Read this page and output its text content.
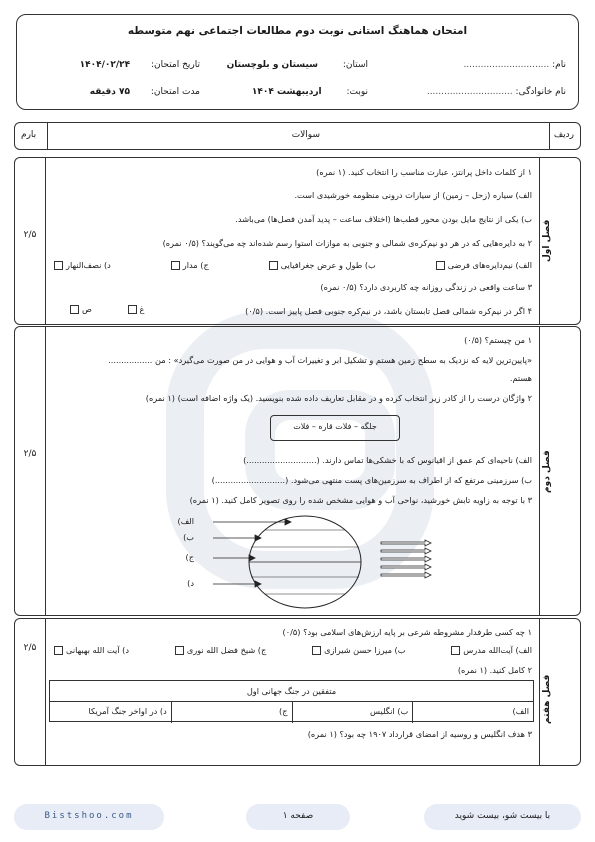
امتحان هماهنگ استانی نوبت دوم مطالعات اجتماعی نهم متوسطه
نام: ..............................
نام خانوادگی: ..............................
استان: سیستان و بلوچستان
نوبت: اردیبهشت ۱۴۰۴
تاریخ امتحان: ۱۴۰۴/۰۲/۲۴
مدت امتحان: ۷۵ دقیقه
ردیف
سوالات
بارم
فصل اول
۲/۵
۱ از کلمات داخل پرانتز، عبارت مناسب را انتخاب کنید. (۱ نمره)
الف) سیاره (زحل – زمین) از سیارات درونی منظومه خورشیدی است.
ب) یکی از نتایج مایل بودن محور قطب‌ها (اختلاف ساعت – پدید آمدن فصل‌ها) می‌باشد.
۲ به دایره‌هایی که در هر دو نیم‌کره‌ی شمالی و جنوبی به موازات استوا رسم شده‌اند چه می‌گویند؟ (۰/۵ نمره)
الف) نیم‌دایره‌های فرضی
ب) طول و عرض جغرافیایی
ج) مدار
د) نصف‌النهار
۳ ساعت واقعی در زندگی روزانه چه کاربردی دارد؟ (۰/۵ نمره)
۴ اگر در نیم‌کره شمالی فصل تابستان باشد، در نیم‌کره جنوبی فصل پاییز است. (۰/۵)
غ ص
فصل دوم
۲/۵
۱ من چیستم؟ (۰/۵)
«پایین‌ترین لایه که نزدیک به سطح زمین هستم و تشکیل ابر و تغییرات آب و هوایی در من صورت می‌گیرد» : من .................
هستم.
۲ واژگان درست را از کادر زیر انتخاب کرده و در مقابل تعاریف داده شده بنویسید. (یک واژه اضافه است) (۱ نمره)
جلگه – فلات قاره – فلات
الف) ناحیه‌ای کم عمق از اقیانوس که با خشکی‌ها تماس دارند. (...........................)
ب) سرزمینی مرتفع که از اطراف به سرزمین‌های پست منتهی می‌شود. (...........................)
۳ با توجه به زاویه تابش خورشید، نواحی آب و هوایی مشخص شده را روی تصویر کامل کنید. (۱ نمره)
الف)
ب)
ج)
د)
فصل هفتم
۲/۵
۱ چه کسی طرفدار مشروطه شرعی بر پایه ارزش‌های اسلامی بود؟ (۰/۵)
الف) آیت‌الله مدرس
ب) میرزا حسن شیرازی
ج) شیخ فضل الله نوری
د) آیت الله بهبهانی
۲ کامل کنید. (۱ نمره)
متفقین در جنگ جهانی اول
الف)
ب) انگلیس
ج)
د) در اواخر جنگ آمریکا
۳ هدف انگلیس و روسیه از امضای قرارداد ۱۹۰۷ چه بود؟ (۱ نمره)
Bistshoo.com	صفحه ۱	با بیست شو، بیست شوید
